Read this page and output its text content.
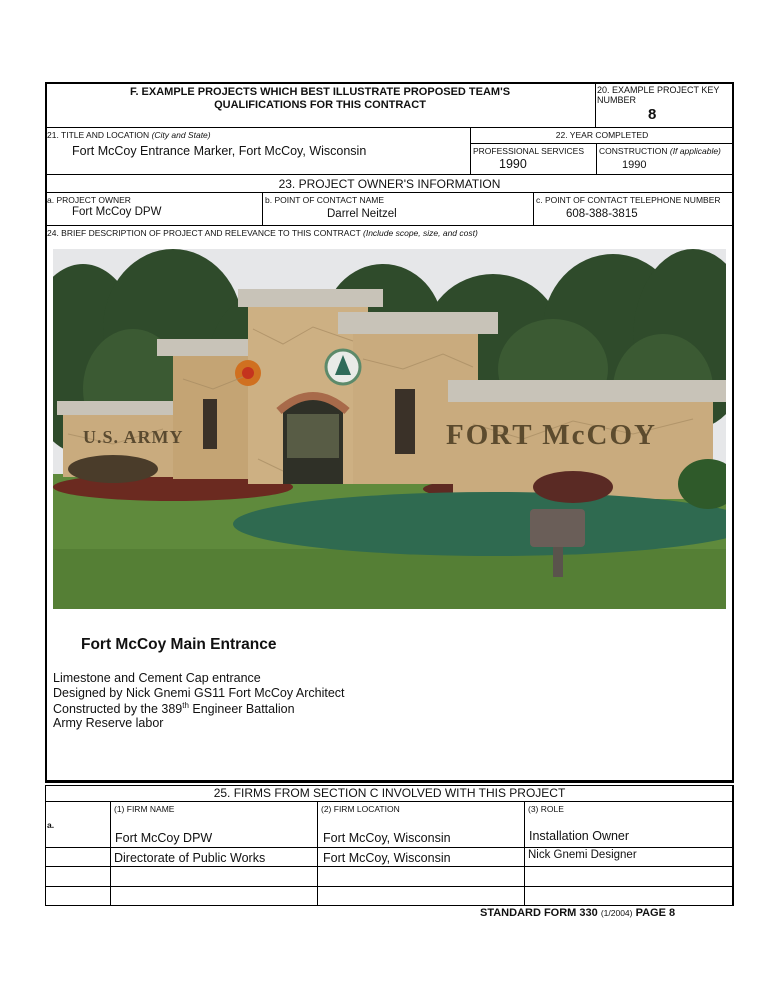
F. EXAMPLE PROJECTS WHICH BEST ILLUSTRATE PROPOSED TEAM'S
QUALIFICATIONS FOR THIS CONTRACT
20. EXAMPLE PROJECT KEY
NUMBER
8
21. TITLE AND LOCATION (City and State)
Fort McCoy Entrance Marker, Fort McCoy, Wisconsin
22. YEAR COMPLETED
PROFESSIONAL SERVICES
1990
CONSTRUCTION (If applicable)
1990
23. PROJECT OWNER'S INFORMATION
a. PROJECT OWNER
Fort McCoy DPW
b. POINT OF CONTACT NAME
Darrel Neitzel
c. POINT OF CONTACT TELEPHONE NUMBER
608-388-3815
24. BRIEF DESCRIPTION OF PROJECT AND RELEVANCE TO THIS CONTRACT (Include scope, size, and cost)
U.S. ARMY	FORT McCOY
Fort McCoy Main Entrance
Limestone and Cement Cap entrance
Designed by Nick Gnemi GS11 Fort McCoy Architect
Constructed by the 389th Engineer Battalion
Army Reserve labor
25. FIRMS FROM SECTION C INVOLVED WITH THIS PROJECT
a.
(1) FIRM NAME	(2) FIRM LOCATION	(3) ROLE
Fort McCoy DPW	Fort McCoy, Wisconsin	Installation Owner
Directorate of Public Works	Fort McCoy, Wisconsin	Nick Gnemi Designer
STANDARD FORM 330 (1/2004) PAGE 8
